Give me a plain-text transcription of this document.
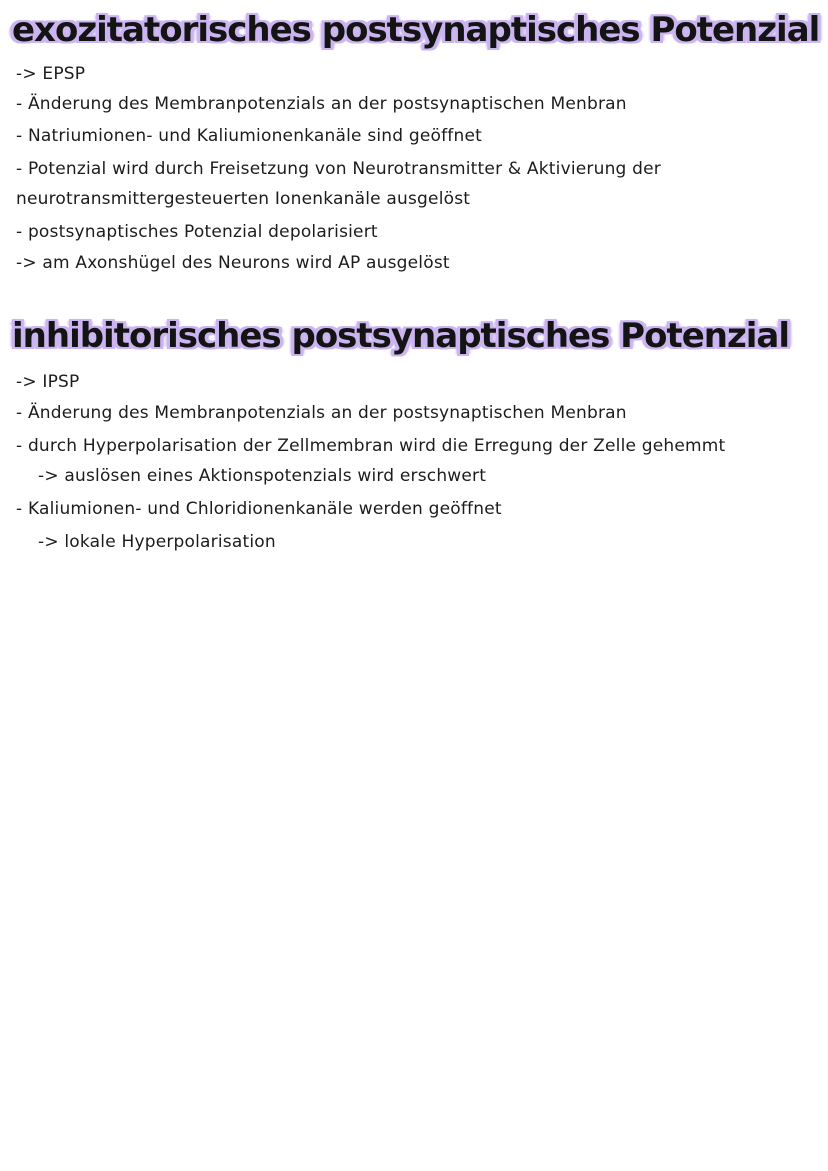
exozitatorisches postsynaptisches Potenzial

-> EPSP

- Änderung des Membranpotenzials an der postsynaptischen Menbran

- Natriumionen- und Kaliumionenkanäle sind geöffnet

- Potenzial wird durch Freisetzung von Neurotransmitter & Aktivierung der

neurotransmittergesteuerten Ionenkanäle ausgelöst

- postsynaptisches Potenzial depolarisiert

-> am Axonshügel des Neurons wird AP ausgelöst

inhibitorisches postsynaptisches Potenzial

-> IPSP

- Änderung des Membranpotenzials an der postsynaptischen Menbran

- durch Hyperpolarisation der Zellmembran wird die Erregung der Zelle gehemmt

-> auslösen eines Aktionspotenzials wird erschwert

- Kaliumionen- und Chloridionenkanäle werden geöffnet

-> lokale Hyperpolarisation
